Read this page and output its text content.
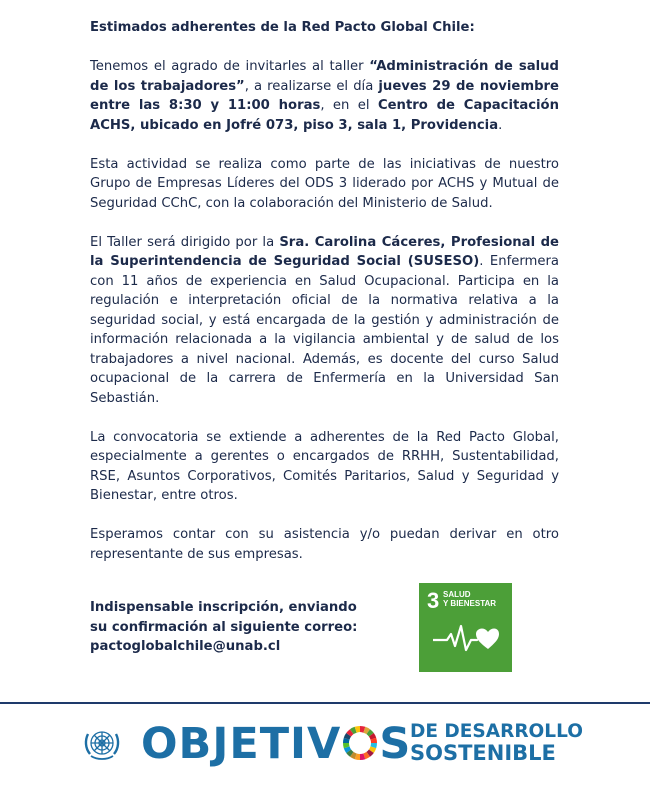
Estimados adherentes de la Red Pacto Global Chile:

Tenemos el agrado de invitarles al taller “Administración de salud de los trabajadores”, a realizarse el día jueves 29 de noviembre entre las 8:30 y 11:00 horas, en el Centro de Capacitación ACHS, ubicado en Jofré 073, piso 3, sala 1, Providencia.

Esta actividad se realiza como parte de las iniciativas de nuestro Grupo de Empresas Líderes del ODS 3 liderado por ACHS y Mutual de Seguridad CChC, con la colaboración del Ministerio de Salud.

El Taller será dirigido por la Sra. Carolina Cáceres, Profesional de la Superintendencia de Seguridad Social (SUSESO). Enfermera con 11 años de experiencia en Salud Ocupacional. Participa en la regulación e interpretación oficial de la normativa relativa a la seguridad social, y está encargada de la gestión y administración de información relacionada a la vigilancia ambiental y de salud de los trabajadores a nivel nacional. Además, es docente del curso Salud ocupacional de la carrera de Enfermería en la Universidad San Sebastián.

La convocatoria se extiende a adherentes de la Red Pacto Global, especialmente a gerentes o encargados de RRHH, Sustentabilidad, RSE, Asuntos Corporativos, Comités Paritarios, Salud y Seguridad y Bienestar, entre otros.

Esperamos contar con su asistencia y/o puedan derivar en otro representante de sus empresas.

Indispensable inscripción, enviando
su confirmación al siguiente correo:
pactoglobalchile@unab.cl
3 SALUD
Y BIENESTAR
OBJETIV S
DE DESARROLLO
SOSTENIBLE
